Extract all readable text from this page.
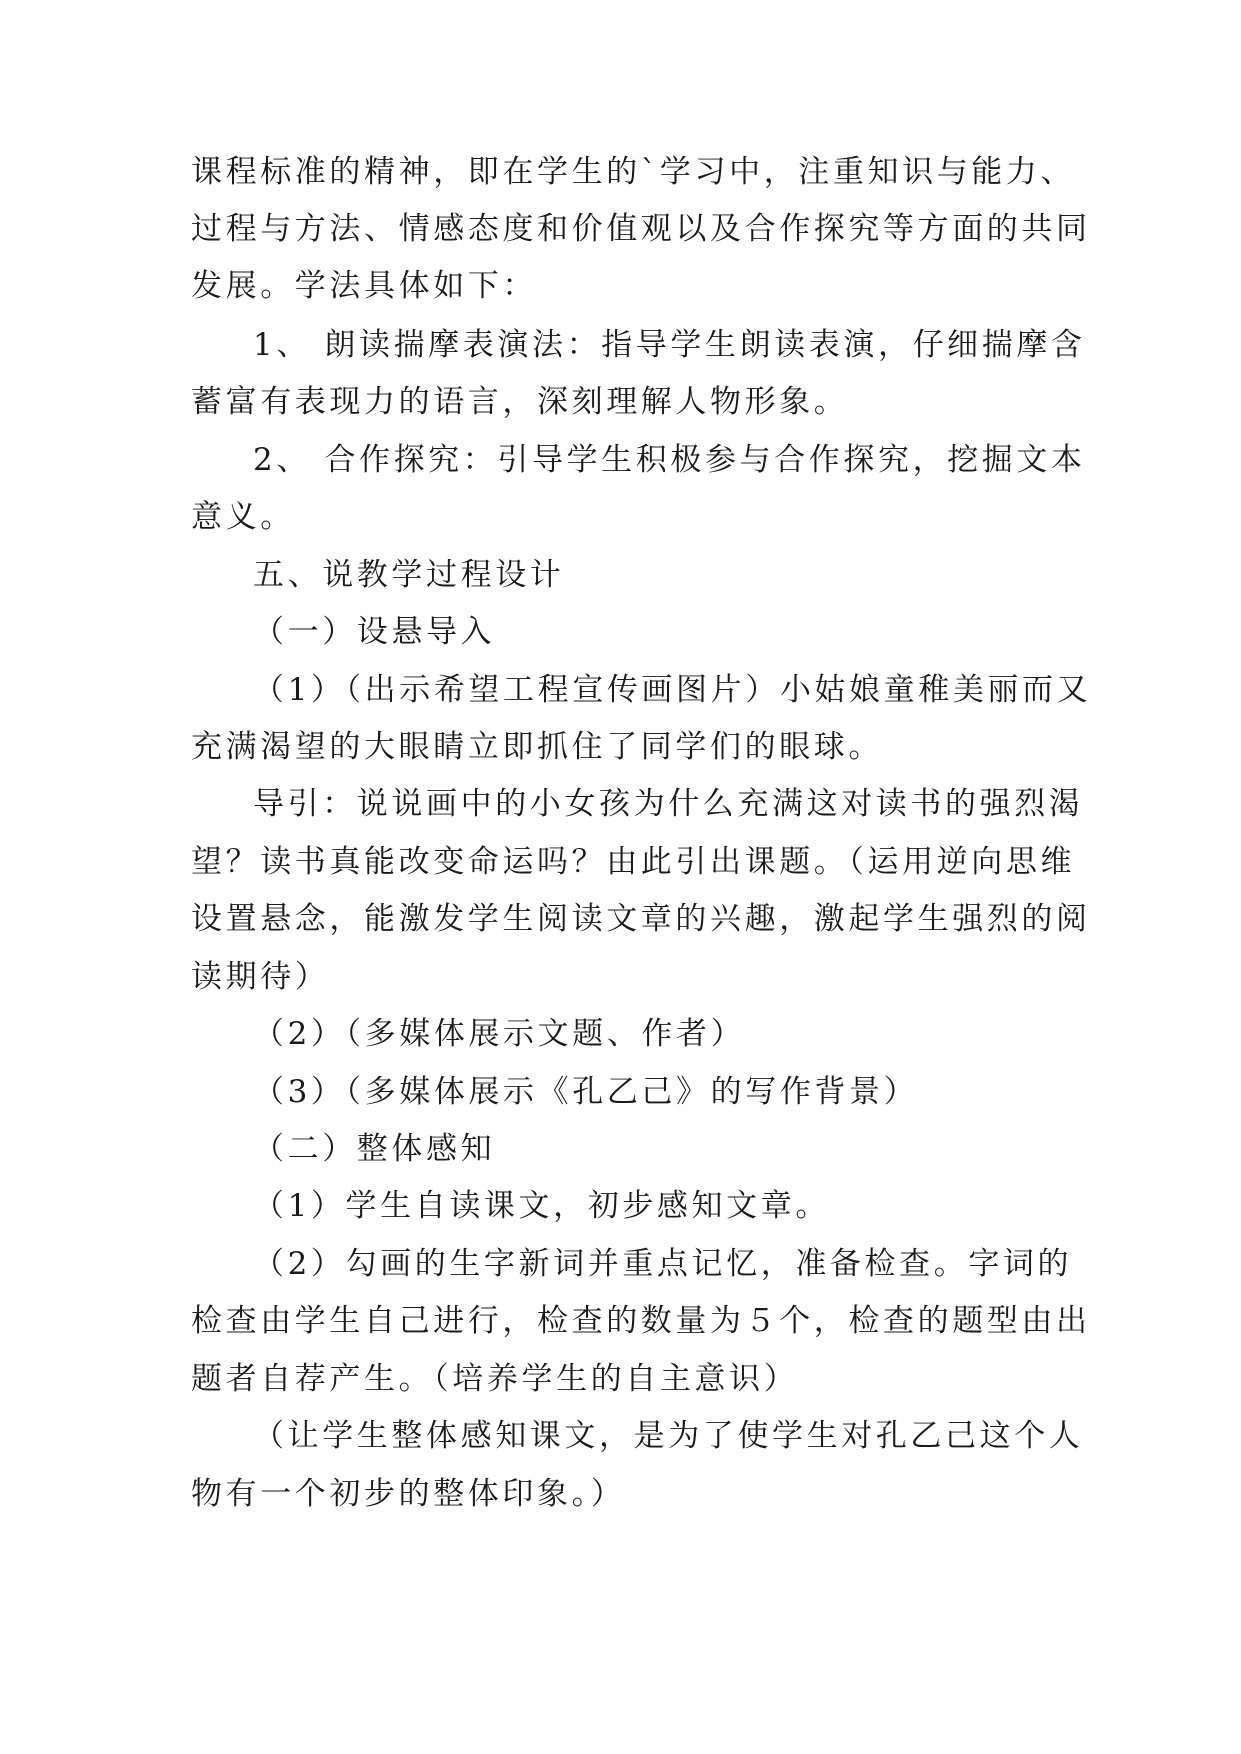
课程标准的精神，即在学生的`学习中，注重知识与能力、
过程与方法、情感态度和价值观以及合作探究等方面的共同
发展。学法具体如下：
1、 朗读揣摩表演法：指导学生朗读表演，仔细揣摩含
蓄富有表现力的语言，深刻理解人物形象。
2、 合作探究：引导学生积极参与合作探究，挖掘文本
意义。
五、说教学过程设计
（一）设悬导入
（1）（出示希望工程宣传画图片）小姑娘童稚美丽而又
充满渴望的大眼睛立即抓住了同学们的眼球。
导引：说说画中的小女孩为什么充满这对读书的强烈渴
望？读书真能改变命运吗？由此引出课题。（运用逆向思维
设置悬念，能激发学生阅读文章的兴趣，激起学生强烈的阅
读期待）
（2）（多媒体展示文题、作者）
（3）（多媒体展示《孔乙己》的写作背景）
（二）整体感知
（1）学生自读课文，初步感知文章。
（2）勾画的生字新词并重点记忆，准备检查。字词的
检查由学生自己进行，检查的数量为５个，检查的题型由出
题者自荐产生。（培养学生的自主意识）
（让学生整体感知课文，是为了使学生对孔乙己这个人
物有一个初步的整体印象。）
